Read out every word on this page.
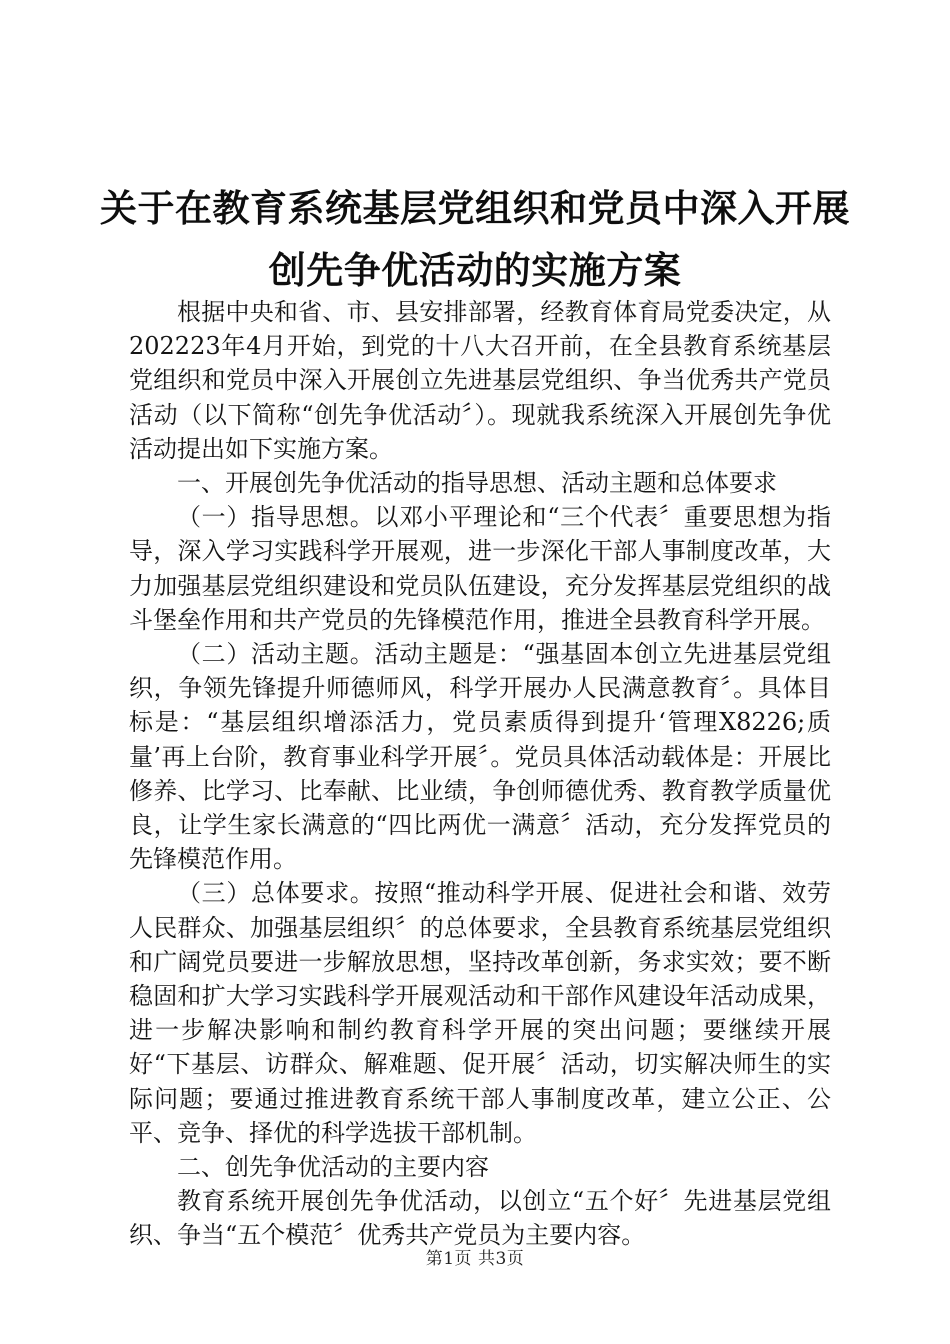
关于在教育系统基层党组织和党员中深入开展
创先争优活动的实施方案

根据中央和省、市、县安排部署，经教育体育局党委决定，从202223年4月开始，到党的十八大召开前，在全县教育系统基层党组织和党员中深入开展创立先进基层党组织、争当优秀共产党员活动（以下简称“创先争优活动〞）。现就我系统深入开展创先争优活动提出如下实施方案。

一、开展创先争优活动的指导思想、活动主题和总体要求

（一）指导思想。以邓小平理论和“三个代表〞重要思想为指导，深入学习实践科学开展观，进一步深化干部人事制度改革，大力加强基层党组织建设和党员队伍建设，充分发挥基层党组织的战斗堡垒作用和共产党员的先锋模范作用，推进全县教育科学开展。

（二）活动主题。活动主题是：“强基固本创立先进基层党组织，争领先锋提升师德师风，科学开展办人民满意教育〞。具体目标是：“基层组织增添活力，党员素质得到提升‘管理X8226;质量’再上台阶，教育事业科学开展〞。党员具体活动载体是：开展比修养、比学习、比奉献、比业绩，争创师德优秀、教育教学质量优良，让学生家长满意的“四比两优一满意〞活动，充分发挥党员的先锋模范作用。

（三）总体要求。按照“推动科学开展、促进社会和谐、效劳人民群众、加强基层组织〞的总体要求，全县教育系统基层党组织和广阔党员要进一步解放思想，坚持改革创新，务求实效；要不断稳固和扩大学习实践科学开展观活动和干部作风建设年活动成果，进一步解决影响和制约教育科学开展的突出问题；要继续开展好“下基层、访群众、解难题、促开展〞活动，切实解决师生的实际问题；要通过推进教育系统干部人事制度改革，建立公正、公平、竞争、择优的科学选拔干部机制。

二、创先争优活动的主要内容

教育系统开展创先争优活动，以创立“五个好〞先进基层党组织、争当“五个模范〞优秀共产党员为主要内容。

第1页 共3页
